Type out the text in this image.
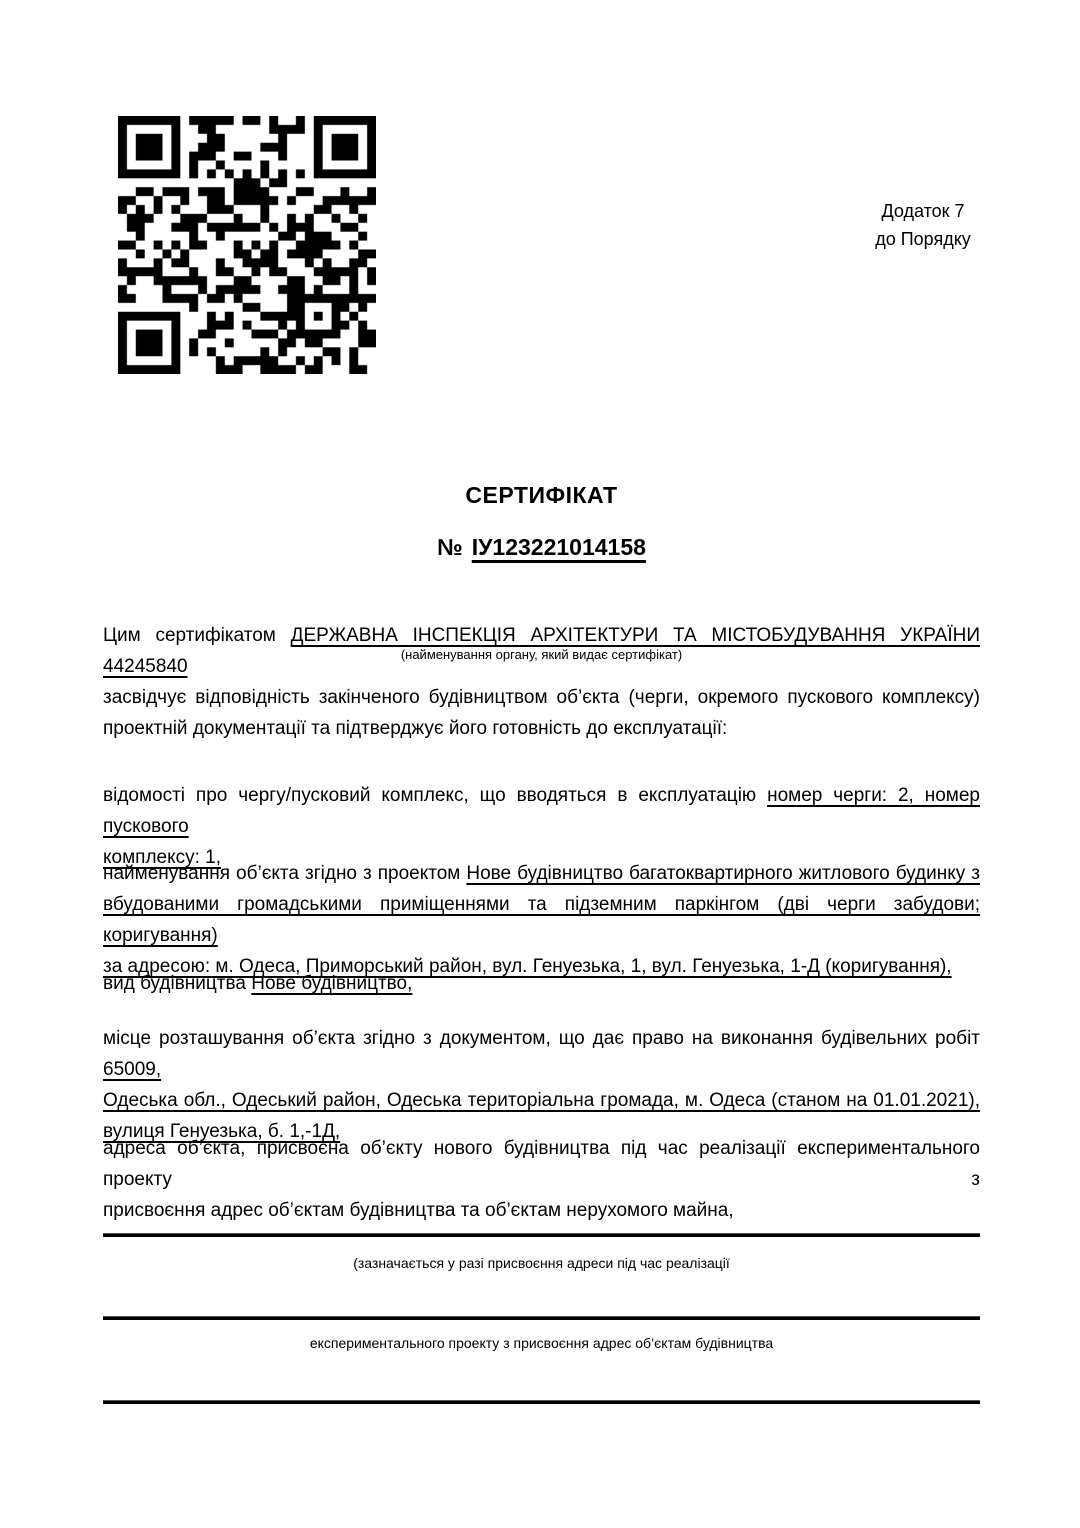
Додаток 7
до Порядку
СЕРТИФІКАТ
№ ІУ123221014158

Цим сертифікатом ДЕРЖАВНА ІНСПЕКЦІЯ АРХІТЕКТУРИ ТА МІСТОБУДУВАННЯ УКРАЇНИ 44245840

(найменування органу, який видає сертифікат)

засвідчує відповідність закінченого будівництвом об’єкта (черги, окремого пускового комплексу)
проектній документації та підтверджує його готовність до експлуатації:

відомості про чергу/пусковий комплекс, що вводяться в експлуатацію номер черги: 2, номер пускового
комплексу: 1,

найменування об’єкта згідно з проектом Нове будівництво багатоквартирного житлового будинку з
вбудованими громадськими приміщеннями та підземним паркінгом (дві черги забудови; коригування)
за адресою: м. Одеса, Приморський район, вул. Генуезька, 1, вул. Генуезька, 1-Д (коригування),

вид будівництва Нове будівництво,

місце розташування об’єкта згідно з документом, що дає право на виконання будівельних робіт 65009,
Одеська обл., Одеський район, Одеська територіальна громада, м. Одеса (станом на 01.01.2021),
вулиця Генуезька, б. 1,-1Д,

адреса об’єкта, присвоєна об’єкту нового будівництва під час реалізації експериментального проекту з
присвоєння адрес об’єктам будівництва та об’єктам нерухомого майна,

(зазначається у разі присвоєння адреси під час реалізації
експериментального проекту з присвоєння адрес об’єктам будівництва
